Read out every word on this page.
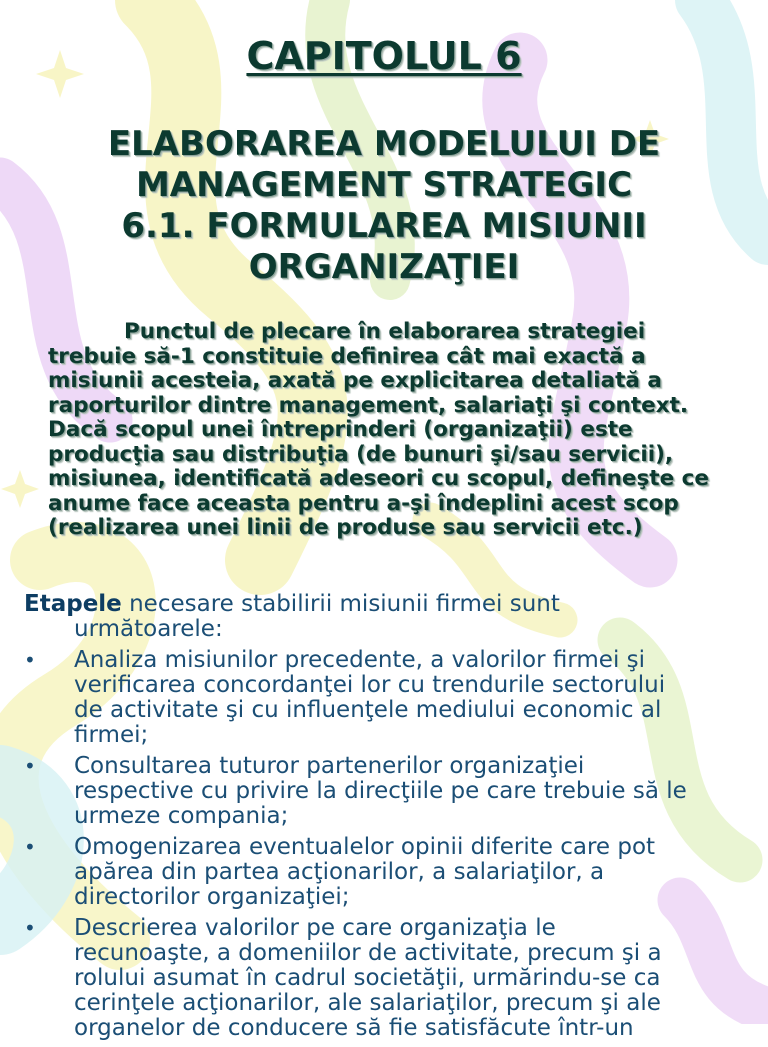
CAPITOLUL 6
ELABORAREA MODELULUI DE
MANAGEMENT STRATEGIC
6.1. FORMULAREA MISIUNII
ORGANIZAŢIEI

Punctul de plecare în elaborarea strategiei
trebuie să-1 constituie definirea cât mai exactă a
misiunii acesteia, axată pe explicitarea detaliată a
raporturilor dintre management, salariaţi şi context.
Dacă scopul unei întreprinderi (organizaţii) este
producţia sau distribuţia (de bunuri şi/sau servicii),
misiunea, identificată adeseori cu scopul, defineşte ce
anume face aceasta pentru a-şi îndeplini acest scop
(realizarea unei linii de produse sau servicii etc.)

Etapele necesare stabilirii misiunii firmei sunt
următoarele:

•	Analiza misiunilor precedente, a valorilor firmei şi
verificarea concordanţei lor cu trendurile sectorului
de activitate şi cu influenţele mediului economic al
firmei;
•	Consultarea tuturor partenerilor organizaţiei
respective cu privire la direcţiile pe care trebuie să le
urmeze compania;
•	Omogenizarea eventualelor opinii diferite care pot
apărea din partea acţionarilor, a salariaţilor, a
directorilor organizaţiei;
•	Descrierea valorilor pe care organizaţia le
recunoaşte, a domeniilor de activitate, precum şi a
rolului asumat în cadrul societăţii, urmărindu-se ca
cerinţele acţionarilor, ale salariaţilor, precum şi ale
organelor de conducere să fie satisfăcute într-un
